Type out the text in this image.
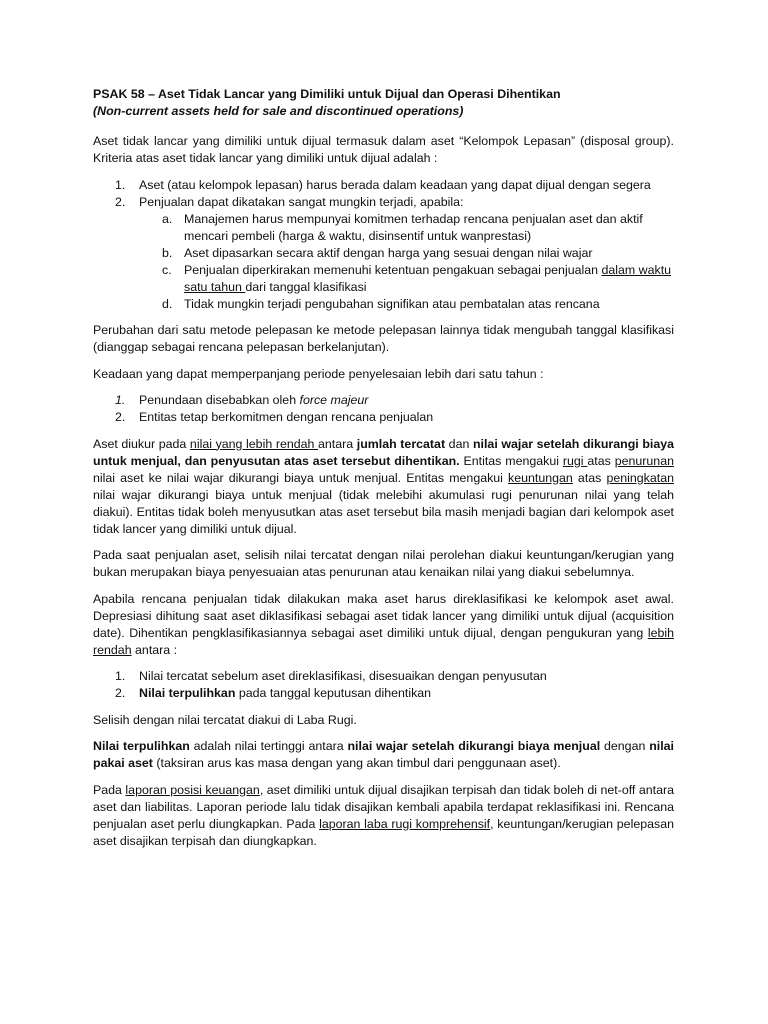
PSAK 58 – Aset Tidak Lancar yang Dimiliki untuk Dijual dan Operasi Dihentikan

(Non-current assets held for sale and discontinued operations)

Aset tidak lancar yang dimiliki untuk dijual termasuk dalam aset “Kelompok Lepasan” (disposal group). Kriteria atas aset tidak lancar yang dimiliki untuk dijual adalah :

1. Aset (atau kelompok lepasan) harus berada dalam keadaan yang dapat dijual dengan segera
2. Penjualan dapat dikatakan sangat mungkin terjadi, apabila:
a. Manajemen harus mempunyai komitmen terhadap rencana penjualan aset dan aktif mencari pembeli (harga & waktu, disinsentif untuk wanprestasi)
b. Aset dipasarkan secara aktif dengan harga yang sesuai dengan nilai wajar
c. Penjualan diperkirakan memenuhi ketentuan pengakuan sebagai penjualan dalam waktu satu tahun dari tanggal klasifikasi
d. Tidak mungkin terjadi pengubahan signifikan atau pembatalan atas rencana

Perubahan dari satu metode pelepasan ke metode pelepasan lainnya tidak mengubah tanggal klasifikasi (dianggap sebagai rencana pelepasan berkelanjutan).

Keadaan yang dapat memperpanjang periode penyelesaian lebih dari satu tahun :

1. Penundaan disebabkan oleh force majeur
2. Entitas tetap berkomitmen dengan rencana penjualan

Aset diukur pada nilai yang lebih rendah antara jumlah tercatat dan nilai wajar setelah dikurangi biaya untuk menjual, dan penyusutan atas aset tersebut dihentikan. Entitas mengakui rugi atas penurunan nilai aset ke nilai wajar dikurangi biaya untuk menjual. Entitas mengakui keuntungan atas peningkatan nilai wajar dikurangi biaya untuk menjual (tidak melebihi akumulasi rugi penurunan nilai yang telah diakui). Entitas tidak boleh menyusutkan atas aset tersebut bila masih menjadi bagian dari kelompok aset tidak lancer yang dimiliki untuk dijual.

Pada saat penjualan aset, selisih nilai tercatat dengan nilai perolehan diakui keuntungan/kerugian yang bukan merupakan biaya penyesuaian atas penurunan atau kenaikan nilai yang diakui sebelumnya.

Apabila rencana penjualan tidak dilakukan maka aset harus direklasifikasi ke kelompok aset awal. Depresiasi dihitung saat aset diklasifikasi sebagai aset tidak lancer yang dimiliki untuk dijual (acquisition date). Dihentikan pengklasifikasiannya sebagai aset dimiliki untuk dijual, dengan pengukuran yang lebih rendah antara :

1. Nilai tercatat sebelum aset direklasifikasi, disesuaikan dengan penyusutan
2. Nilai terpulihkan pada tanggal keputusan dihentikan

Selisih dengan nilai tercatat diakui di Laba Rugi.

Nilai terpulihkan adalah nilai tertinggi antara nilai wajar setelah dikurangi biaya menjual dengan nilai pakai aset (taksiran arus kas masa dengan yang akan timbul dari penggunaan aset).

Pada laporan posisi keuangan, aset dimiliki untuk dijual disajikan terpisah dan tidak boleh di net-off antara aset dan liabilitas. Laporan periode lalu tidak disajikan kembali apabila terdapat reklasifikasi ini. Rencana penjualan aset perlu diungkapkan. Pada laporan laba rugi komprehensif, keuntungan/kerugian pelepasan aset disajikan terpisah dan diungkapkan.
